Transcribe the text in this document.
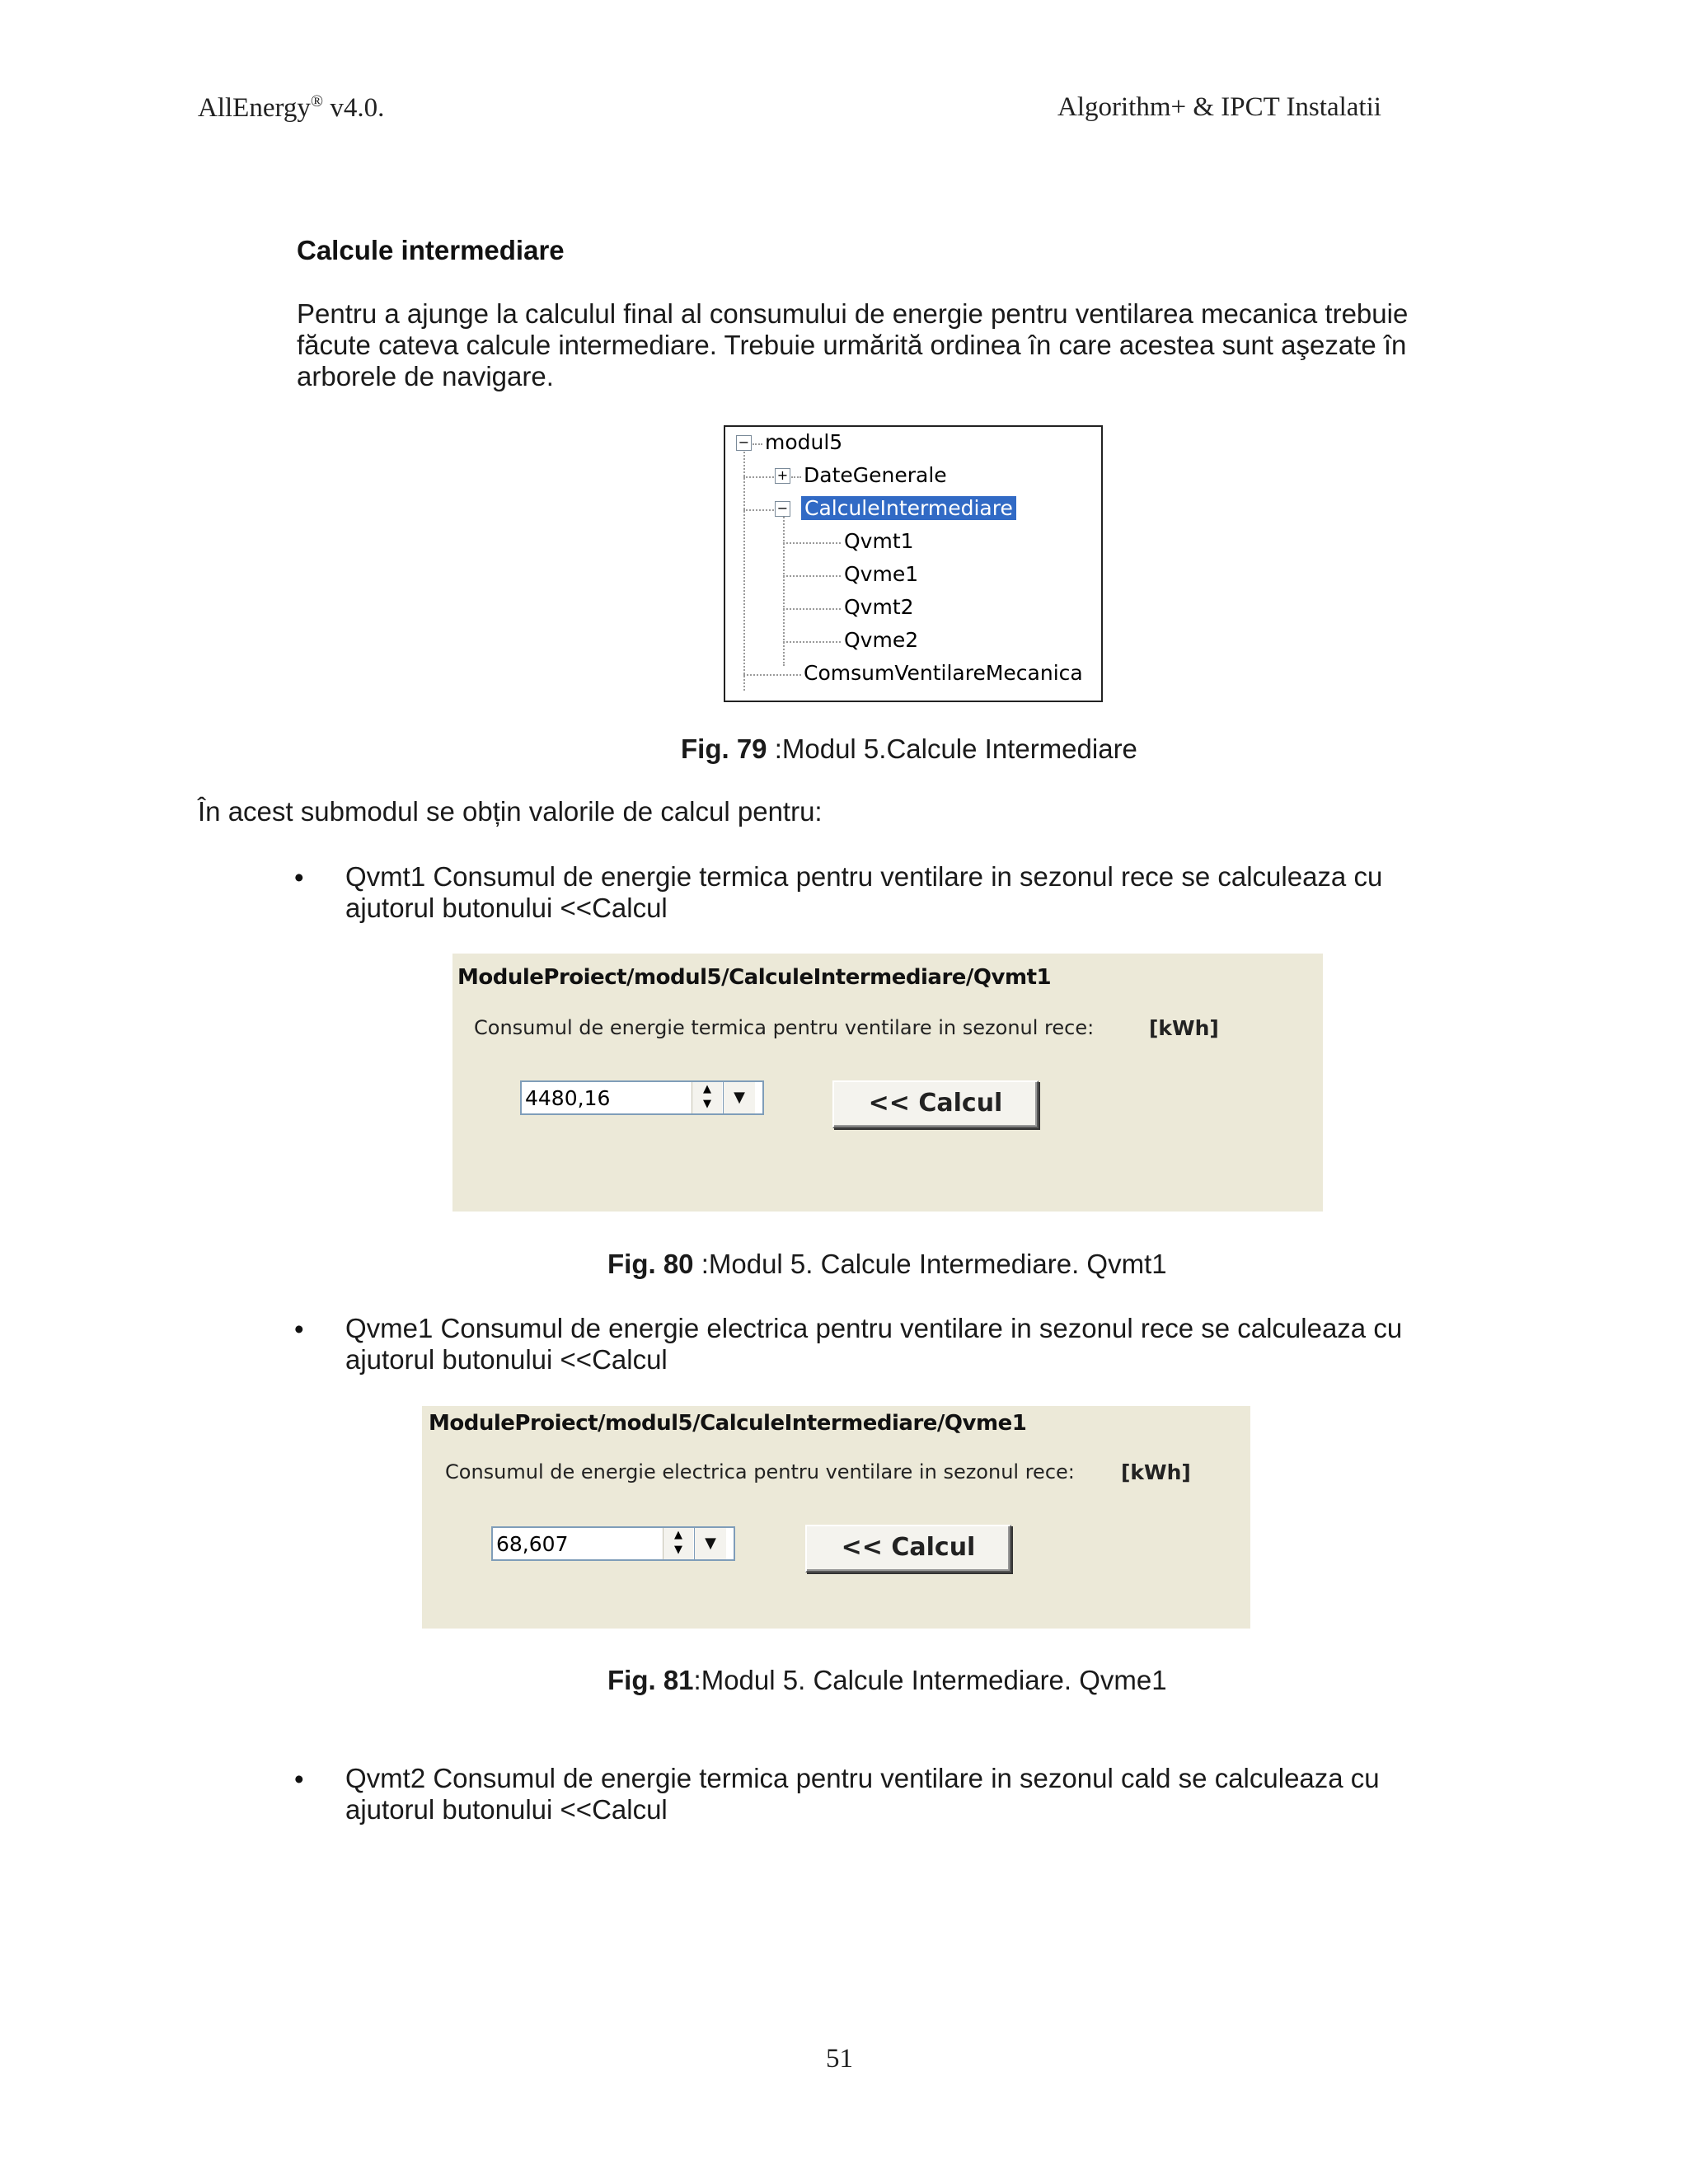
AllEnergy® v4.0.	Algorithm+ & IPCT Instalatii
Calcule intermediare
Pentru a ajunge la calculul final al consumului de energie pentru ventilarea mecanica trebuie
făcute cateva calcule intermediare. Trebuie urmărită ordinea în care acestea sunt aşezate în
arborele de navigare.
− modul5
+ DateGenerale
− CalculeIntermediare
Qvmt1
Qvme1
Qvmt2
Qvme2
ComsumVentilareMecanica
Fig. 79 :Modul 5.Calcule Intermediare
În acest submodul se obțin valorile de calcul pentru:
• Qvmt1 Consumul de energie termica pentru ventilare in sezonul rece se calculeaza cu
ajutorul butonului <<Calcul
ModuleProiect/modul5/CalculeIntermediare/Qvmt1
Consumul de energie termica pentru ventilare in sezonul rece:	[kWh]
4480,16
▲
▼	▼	<< Calcul
Fig. 80 :Modul 5. Calcule Intermediare. Qvmt1
• Qvme1 Consumul de energie electrica pentru ventilare in sezonul rece se calculeaza cu
ajutorul butonului <<Calcul
ModuleProiect/modul5/CalculeIntermediare/Qvme1
Consumul de energie electrica pentru ventilare in sezonul rece: [kWh]
68,607
▲
▼	▼	<< Calcul
Fig. 81:Modul 5. Calcule Intermediare. Qvme1
• Qvmt2 Consumul de energie termica pentru ventilare in sezonul cald se calculeaza cu
ajutorul butonului <<Calcul
51
